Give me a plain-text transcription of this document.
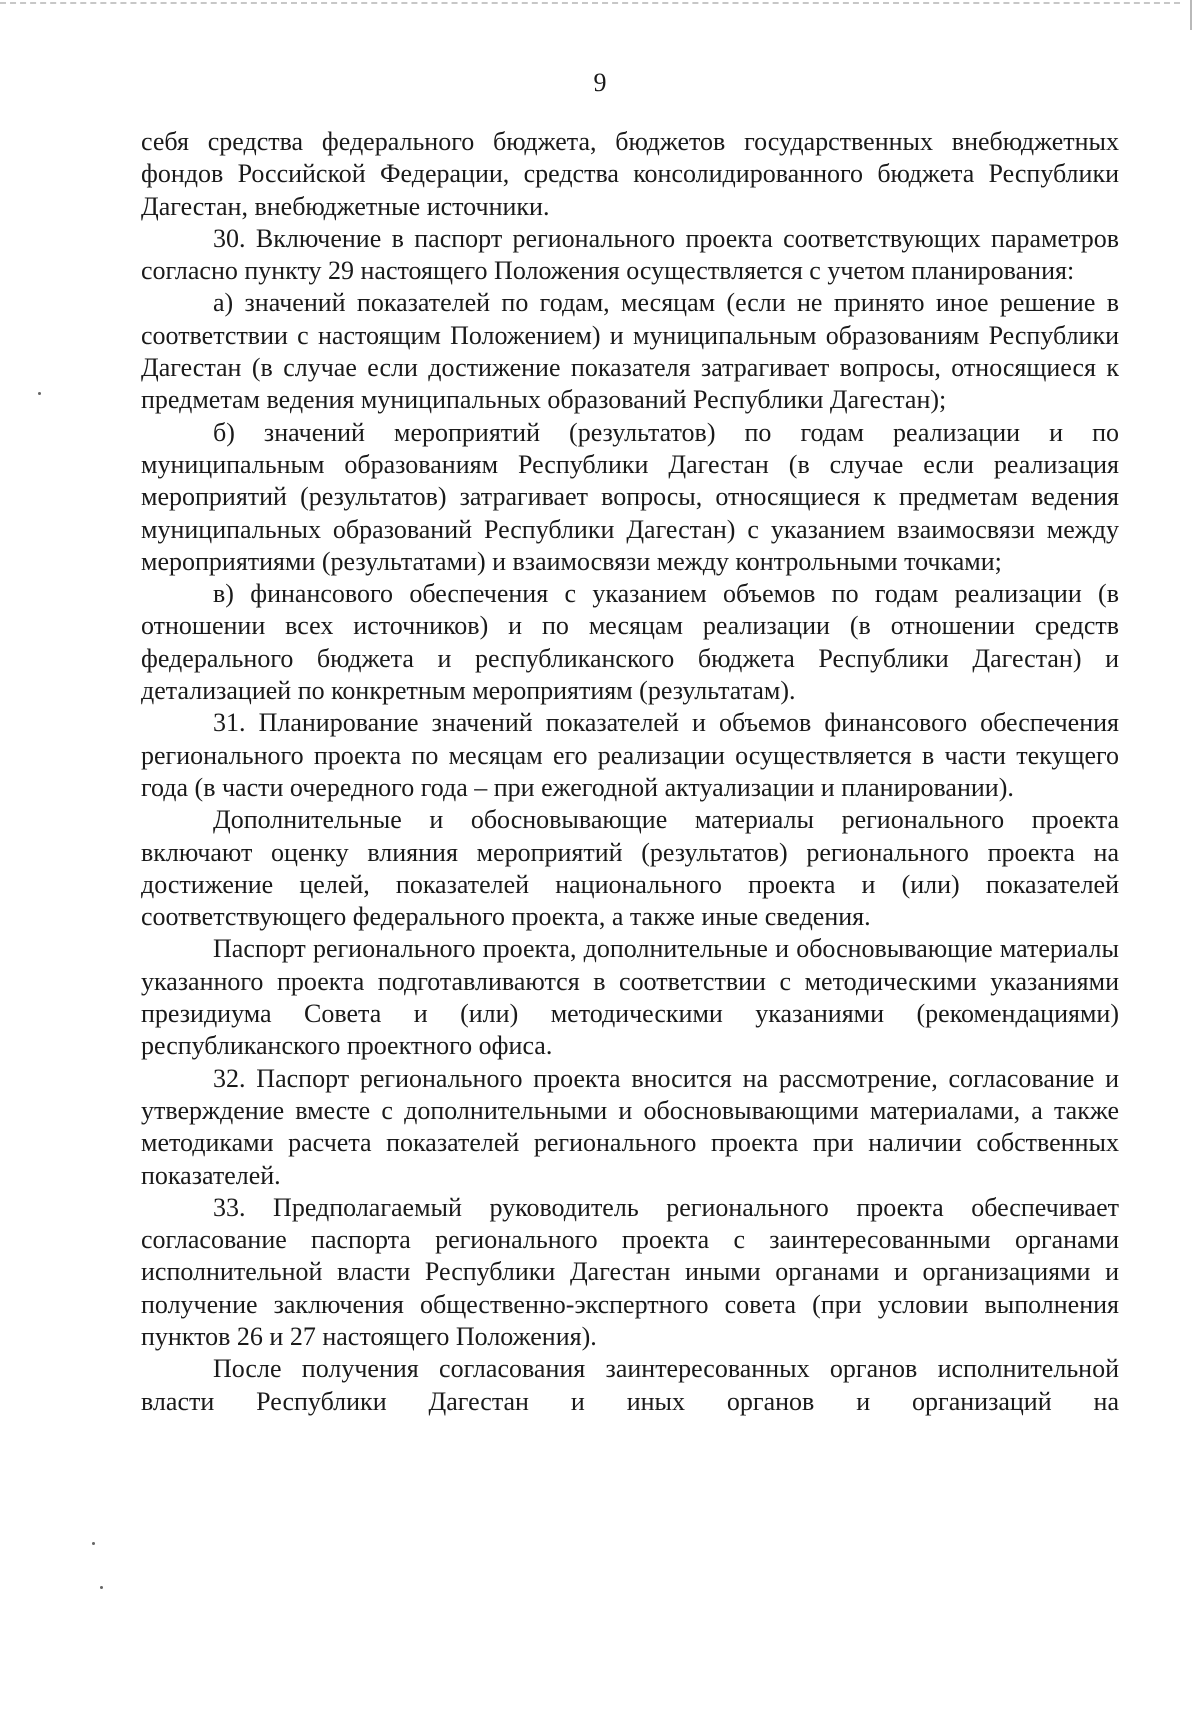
9

себя средства федерального бюджета, бюджетов государственных внебюджетных фондов Российской Федерации, средства консолидированного бюджета Республики Дагестан, внебюджетные источники.

30. Включение в паспорт регионального проекта соответствующих параметров согласно пункту 29 настоящего Положения осуществляется с учетом планирования:

а) значений показателей по годам, месяцам (если не принято иное решение в соответствии с настоящим Положением) и муниципальным образованиям Республики Дагестан (в случае если достижение показателя затрагивает вопросы, относящиеся к предметам ведения муниципальных образований Республики Дагестан);

б) значений мероприятий (результатов) по годам реализации и по муниципальным образованиям Республики Дагестан (в случае если реализация мероприятий (результатов) затрагивает вопросы, относящиеся к предметам ведения муниципальных образований Республики Дагестан) с указанием взаимосвязи между мероприятиями (результатами) и взаимосвязи между контрольными точками;

в) финансового обеспечения с указанием объемов по годам реализации (в отношении всех источников) и по месяцам реализации (в отношении средств федерального бюджета и республиканского бюджета Республики Дагестан) и детализацией по конкретным мероприятиям (результатам).

31. Планирование значений показателей и объемов финансового обеспечения регионального проекта по месяцам его реализации осуществляется в части текущего года (в части очередного года – при ежегодной актуализации и планировании).

Дополнительные и обосновывающие материалы регионального проекта включают оценку влияния мероприятий (результатов) регионального проекта на достижение целей, показателей национального проекта и (или) показателей соответствующего федерального проекта, а также иные сведения.

Паспорт регионального проекта, дополнительные и обосновывающие материалы указанного проекта подготавливаются в соответствии с методическими указаниями президиума Совета и (или) методическими указаниями (рекомендациями) республиканского проектного офиса.

32. Паспорт регионального проекта вносится на рассмотрение, согласование и утверждение вместе с дополнительными и обосновывающими материалами, а также методиками расчета показателей регионального проекта при наличии собственных показателей.

33. Предполагаемый руководитель регионального проекта обеспечивает согласование паспорта регионального проекта с заинтересованными органами исполнительной власти Республики Дагестан иными органами и организациями и получение заключения общественно-экспертного совета (при условии выполнения пунктов 26 и 27 настоящего Положения).

После получения согласования заинтересованных органов исполнительной власти Республики Дагестан и иных органов и организаций на
